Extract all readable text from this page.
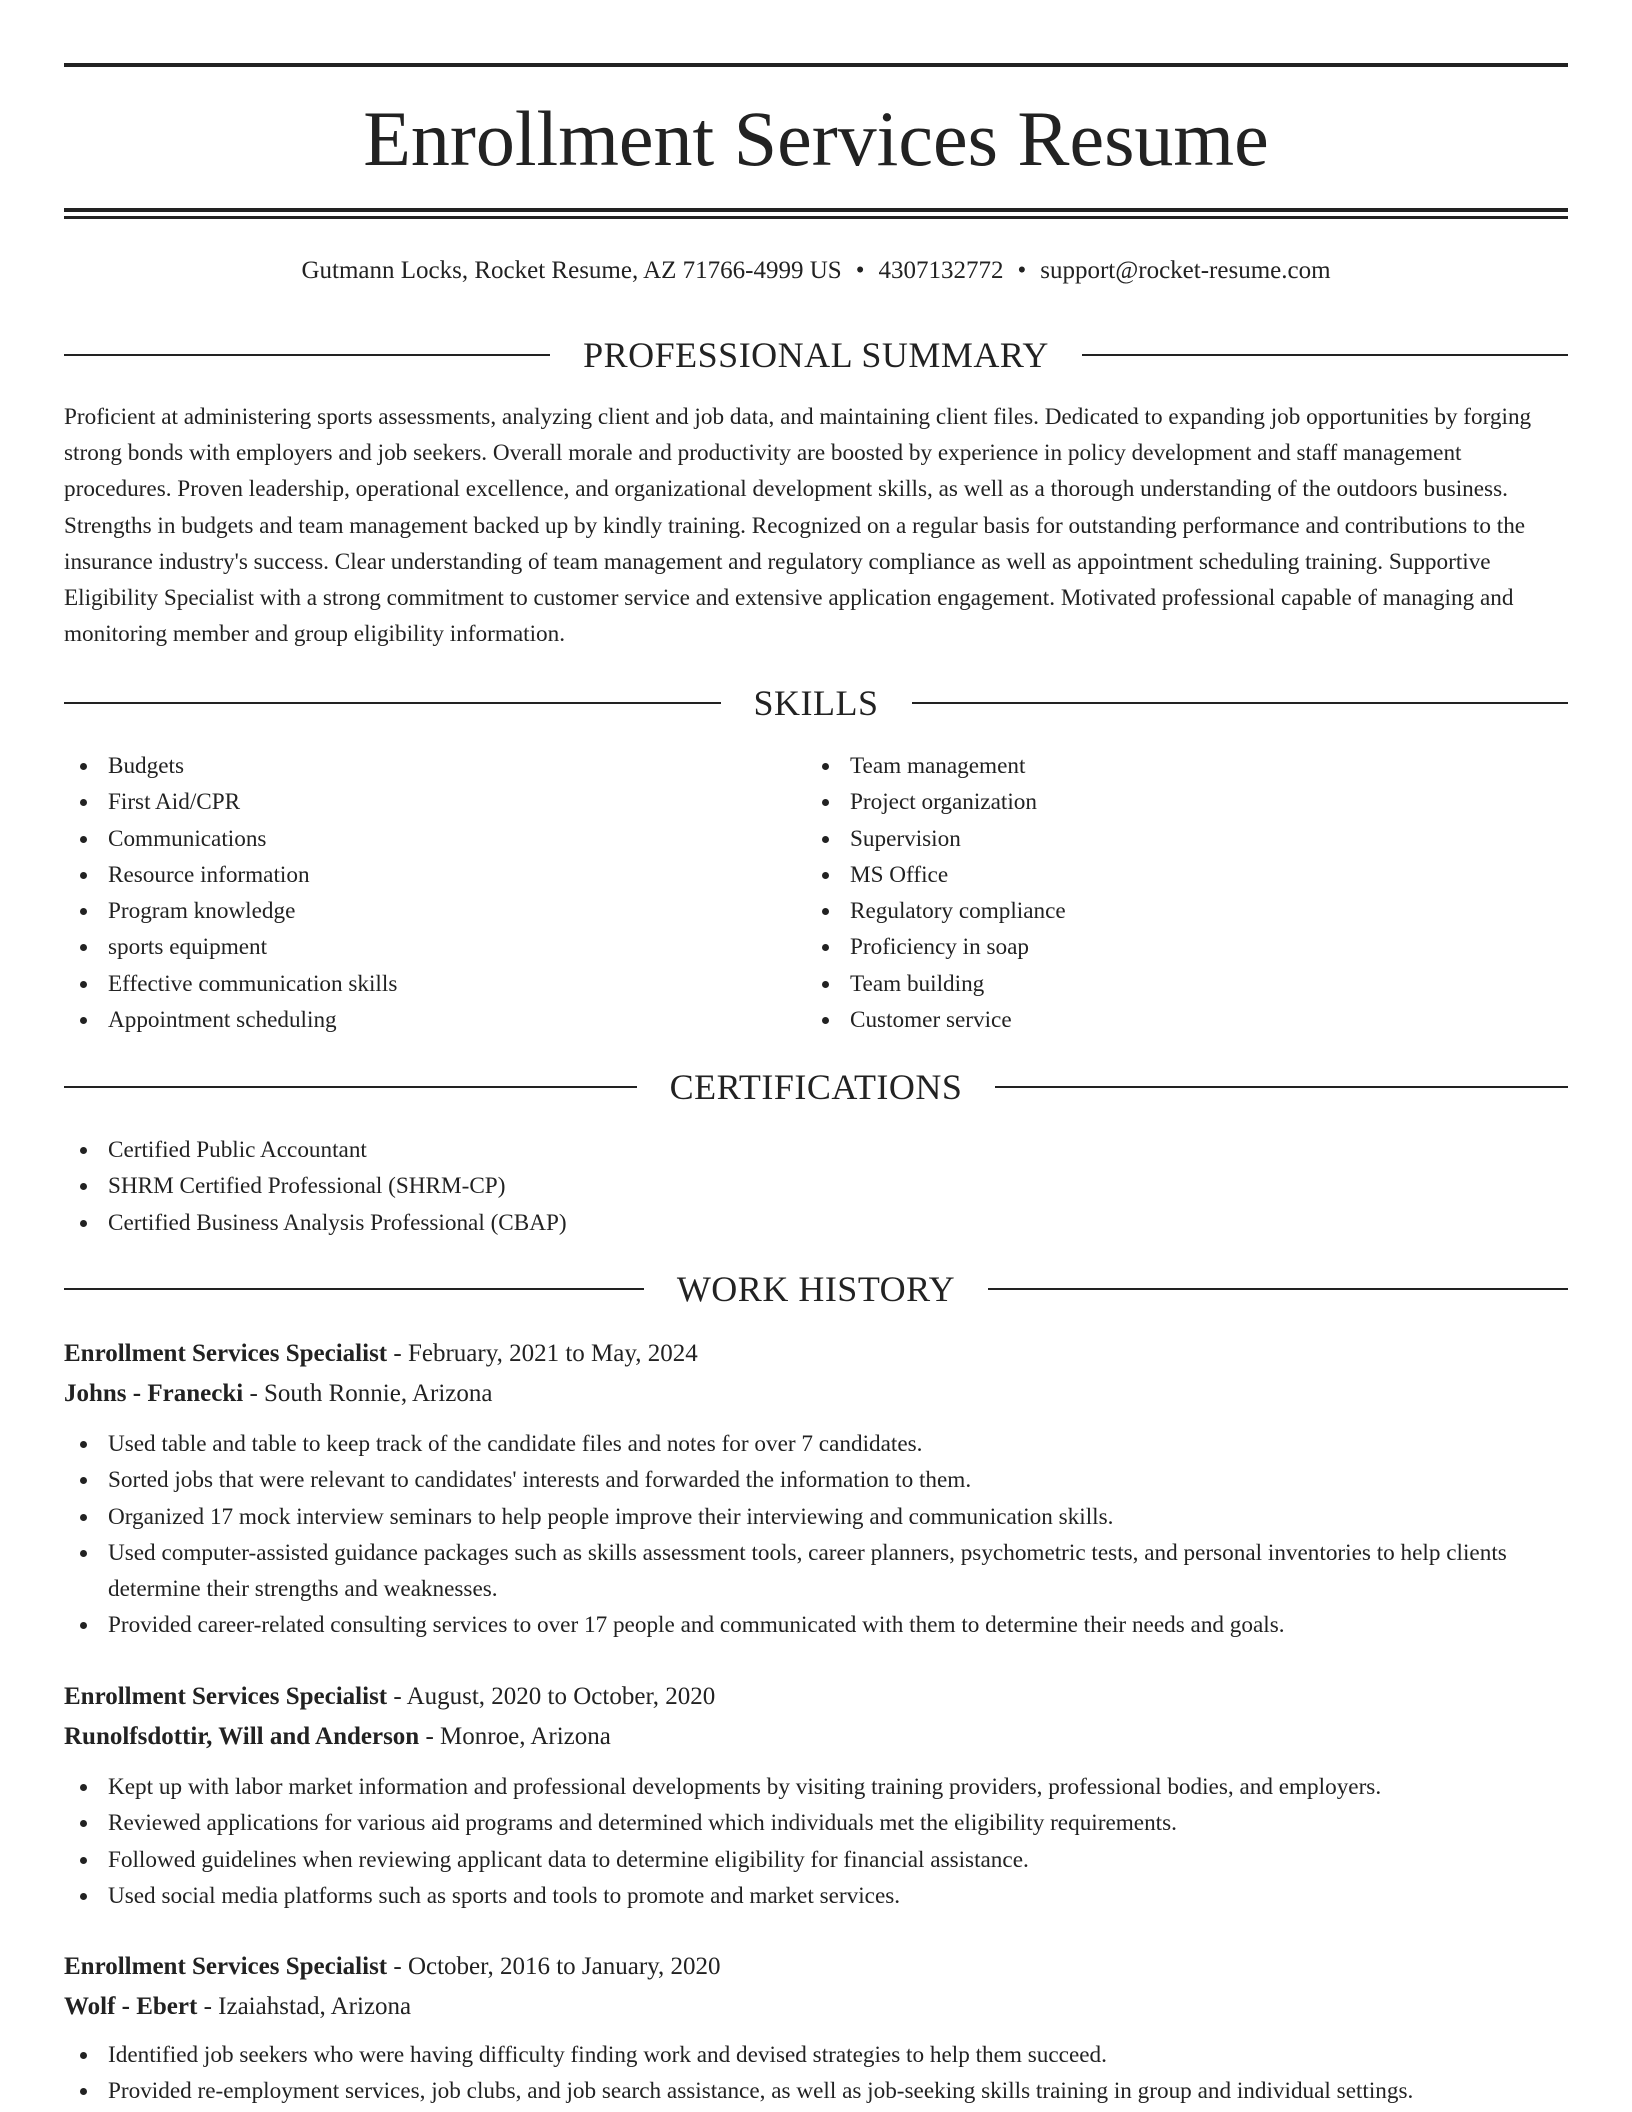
Enrollment Services Resume
Gutmann Locks, Rocket Resume, AZ 71766-4999 US • 4307132772 • support@rocket-resume.com
PROFESSIONAL SUMMARY

Proficient at administering sports assessments, analyzing client and job data, and maintaining client files. Dedicated to expanding job opportunities by forging strong bonds with employers and job seekers. Overall morale and productivity are boosted by experience in policy development and staff management procedures. Proven leadership, operational excellence, and organizational development skills, as well as a thorough understanding of the outdoors business. Strengths in budgets and team management backed up by kindly training. Recognized on a regular basis for outstanding performance and contributions to the insurance industry's success. Clear understanding of team management and regulatory compliance as well as appointment scheduling training. Supportive Eligibility Specialist with a strong commitment to customer service and extensive application engagement. Motivated professional capable of managing and monitoring member and group eligibility information.

SKILLS
Budgets
First Aid/CPR
Communications
Resource information
Program knowledge
sports equipment
Effective communication skills
Appointment scheduling
Team management
Project organization
Supervision
MS Office
Regulatory compliance
Proficiency in soap
Team building
Customer service
CERTIFICATIONS
Certified Public Accountant
SHRM Certified Professional (SHRM-CP)
Certified Business Analysis Professional (CBAP)
WORK HISTORY
Enrollment Services Specialist - February, 2021 to May, 2024
Johns - Franecki - South Ronnie, Arizona
Used table and table to keep track of the candidate files and notes for over 7 candidates.
Sorted jobs that were relevant to candidates' interests and forwarded the information to them.
Organized 17 mock interview seminars to help people improve their interviewing and communication skills.
Used computer-assisted guidance packages such as skills assessment tools, career planners, psychometric tests, and personal inventories to help clients determine their strengths and weaknesses.
Provided career-related consulting services to over 17 people and communicated with them to determine their needs and goals.
Enrollment Services Specialist - August, 2020 to October, 2020
Runolfsdottir, Will and Anderson - Monroe, Arizona
Kept up with labor market information and professional developments by visiting training providers, professional bodies, and employers.
Reviewed applications for various aid programs and determined which individuals met the eligibility requirements.
Followed guidelines when reviewing applicant data to determine eligibility for financial assistance.
Used social media platforms such as sports and tools to promote and market services.
Enrollment Services Specialist - October, 2016 to January, 2020
Wolf - Ebert - Izaiahstad, Arizona
Identified job seekers who were having difficulty finding work and devised strategies to help them succeed.
Provided re-employment services, job clubs, and job search assistance, as well as job-seeking skills training in group and individual settings.
